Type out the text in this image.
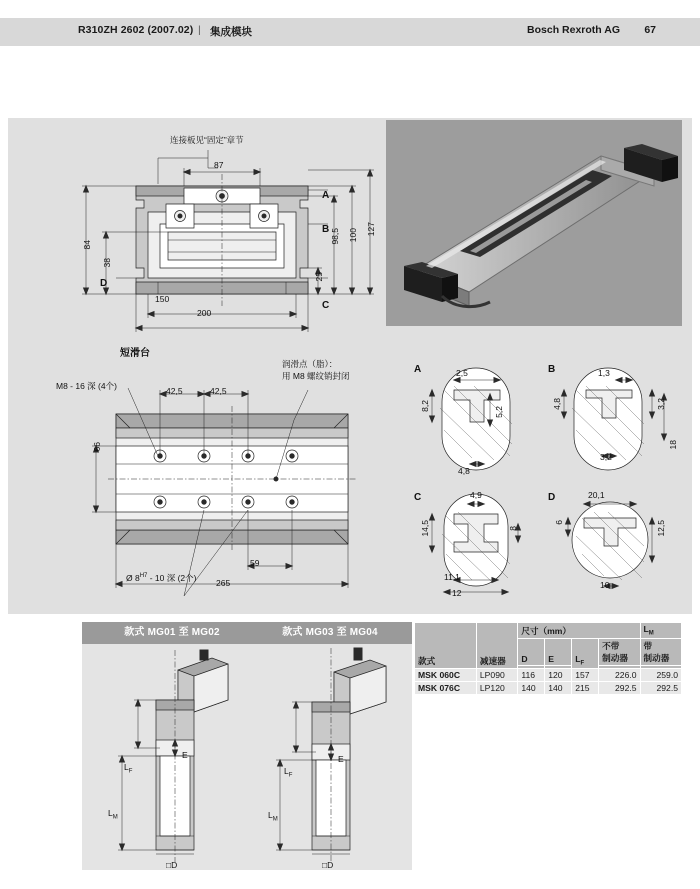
R310ZH 2602 (2007.02) | 集成模块	Bosch Rexroth AG 67
连接板见“固定”章节
87
150
200
84
38
127
100
98,5
25
A
B
C
D
短滑台
M8 - 16 深 (4个)
润滑点（脂）：
用 M8 螺纹销封闭
42,5	42,5
66
59
265
Ø $8^{H7} - 10$ 深 (2个)
A	2,5
8,2
5,2
4,8
B	1,3
3,2
4,8
3,2
18
C	4,9
14,5	8
11,1
12
D	20,1
6	12,5
10
款式 MG01 至 MG02
$L_F$
E
$L_M$
□D
款式 MG03 至 MG04
$L_F$
E
$L_M$
□D
款式	减速器	尺寸（mm）				$L_M$
		D	E	$L_F$	不带
制动器	带
制动器

MSK 060C	LP090	116	120	157	226.0	259.0
MSK 076C	LP120	140	140	215	292.5	292.5
